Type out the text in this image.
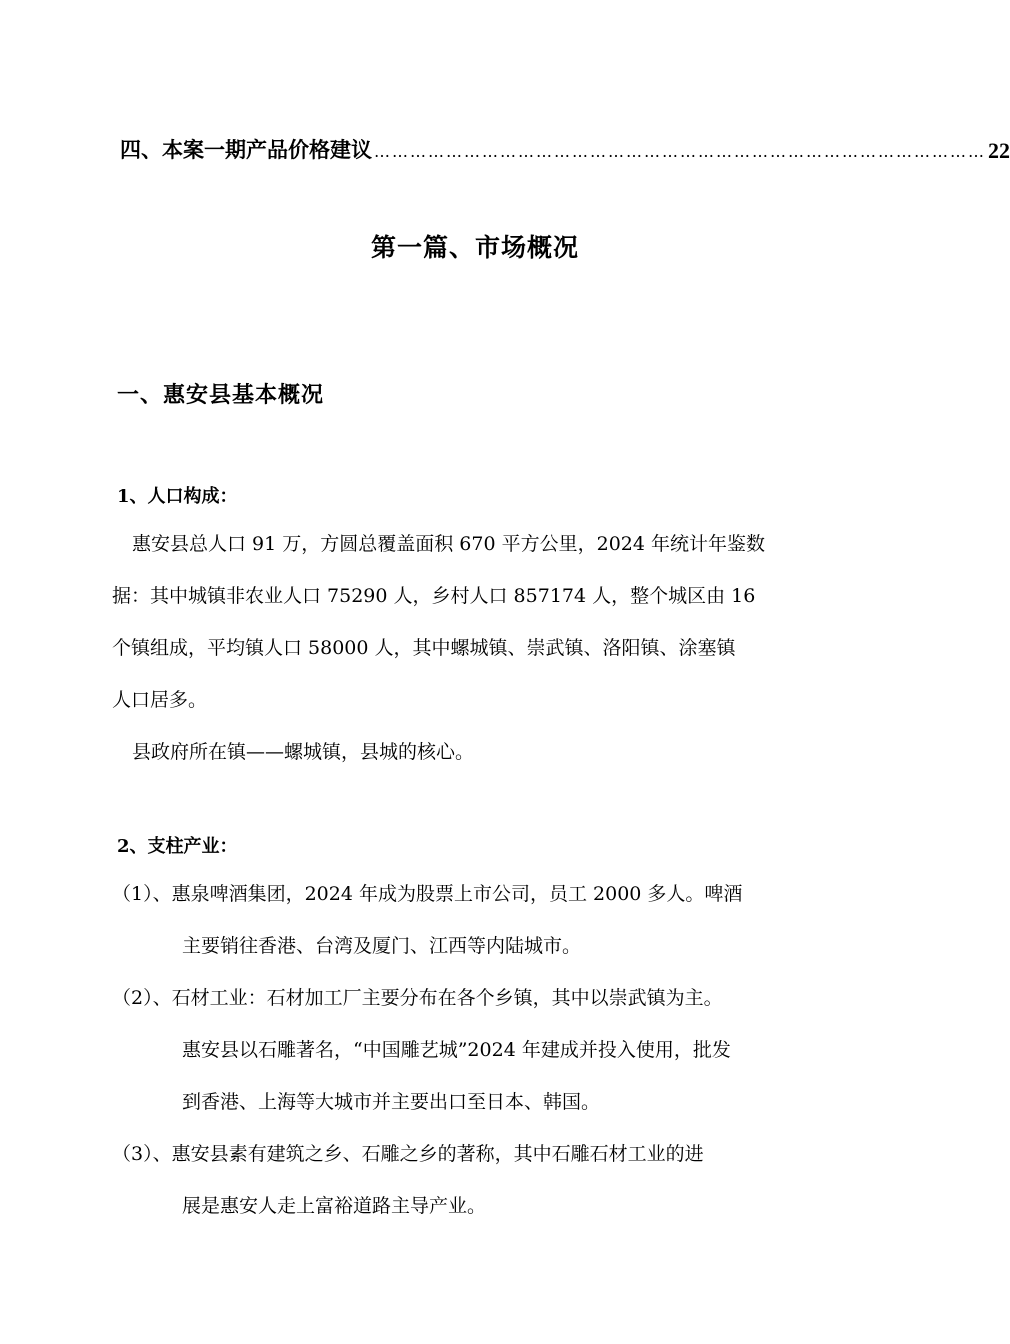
四、本案一期产品价格建议 ………………………………………………………………………………………… 22
第一篇、市场概况
一、惠安县基本概况
1、人口构成：
惠安县总人口 91 万，方圆总覆盖面积 670 平方公里，2024 年统计年鉴数
据：其中城镇非农业人口 75290 人，乡村人口 857174 人，整个城区由 16
个镇组成，平均镇人口 58000 人，其中螺城镇、崇武镇、洛阳镇、涂塞镇
人口居多。
县政府所在镇——螺城镇，县城的核心。
2、支柱产业：
（1）、惠泉啤酒集团，2024 年成为股票上市公司，员工 2000 多人。啤酒
主要销往香港、台湾及厦门、江西等内陆城市。
（2）、石材工业：石材加工厂主要分布在各个乡镇，其中以崇武镇为主。
惠安县以石雕著名，“中国雕艺城”2024 年建成并投入使用，批发
到香港、上海等大城市并主要出口至日本、韩国。
（3）、惠安县素有建筑之乡、石雕之乡的著称，其中石雕石材工业的进
展是惠安人走上富裕道路主导产业。
